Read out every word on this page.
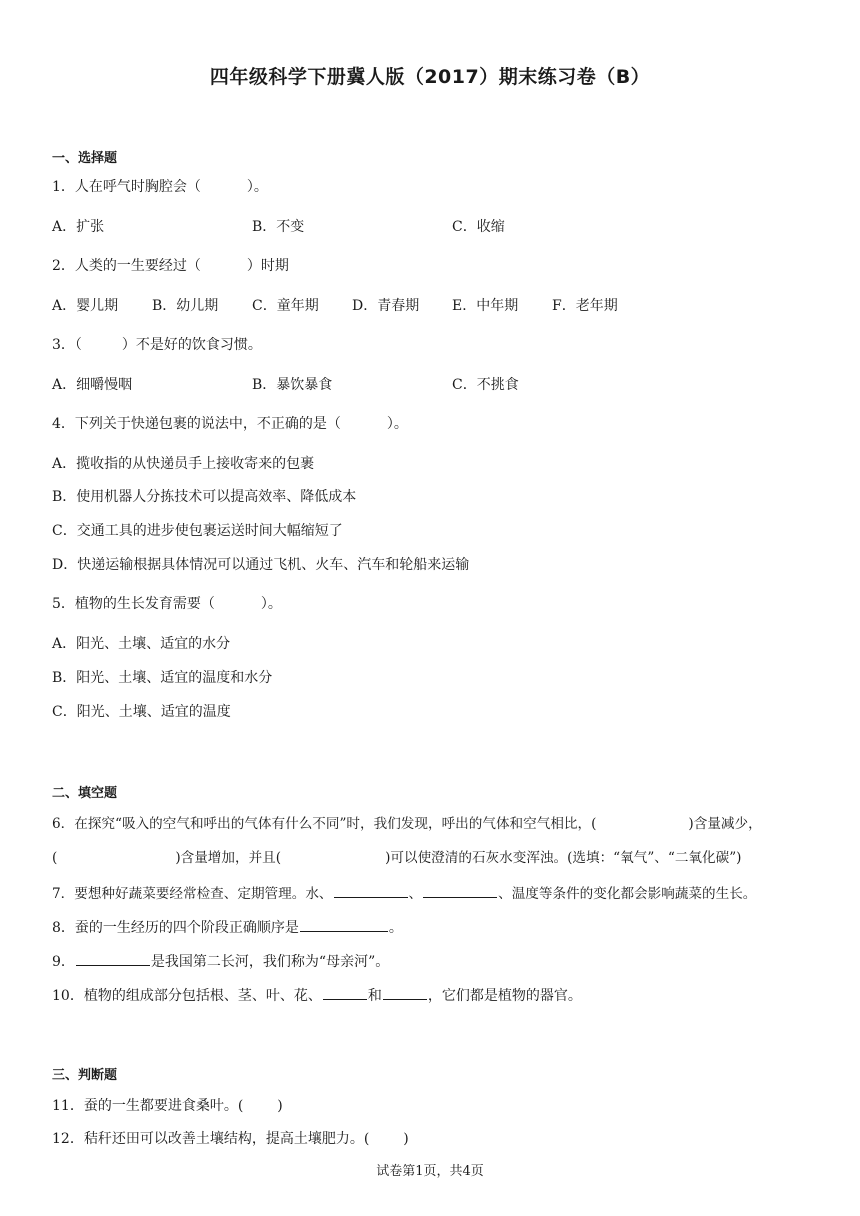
四年级科学下册冀人版（2017）期末练习卷（B）
一、选择题
1．人在呼气时胸腔会（	）。
A．扩张	B．不变	C．收缩
2．人类的一生要经过（	）时期
A．婴儿期 B．幼儿期 C．童年期 D．青春期 E．中年期 F．老年期
3．（	）不是好的饮食习惯。
A．细嚼慢咽	B．暴饮暴食	C．不挑食
4．下列关于快递包裹的说法中，不正确的是（	）。
A．揽收指的从快递员手上接收寄来的包裹
B．使用机器人分拣技术可以提高效率、降低成本
C．交通工具的进步使包裹运送时间大幅缩短了
D．快递运输根据具体情况可以通过飞机、火车、汽车和轮船来运输
5．植物的生长发育需要（	）。
A．阳光、土壤、适宜的水分
B．阳光、土壤、适宜的温度和水分
C．阳光、土壤、适宜的温度
二、填空题
6．在探究“吸入的空气和呼出的气体有什么不同”时，我们发现，呼出的气体和空气相比，(	)含量减少，
(	)含量增加，并且(	)可以使澄清的石灰水变浑浊。(选填：“氧气”、“二氧化碳”)
7．要想种好蔬菜要经常检查、定期管理。水、	、	、温度等条件的变化都会影响蔬菜的生长。
8．蚕的一生经历的四个阶段正确顺序是	。
9．	是我国第二长河，我们称为“母亲河”。
10．植物的组成部分包括根、茎、叶、花、	和	，它们都是植物的器官。
三、判断题
11．蚕的一生都要进食桑叶。( )
12．秸秆还田可以改善土壤结构，提高土壤肥力。( )
试卷第1页，共4页
